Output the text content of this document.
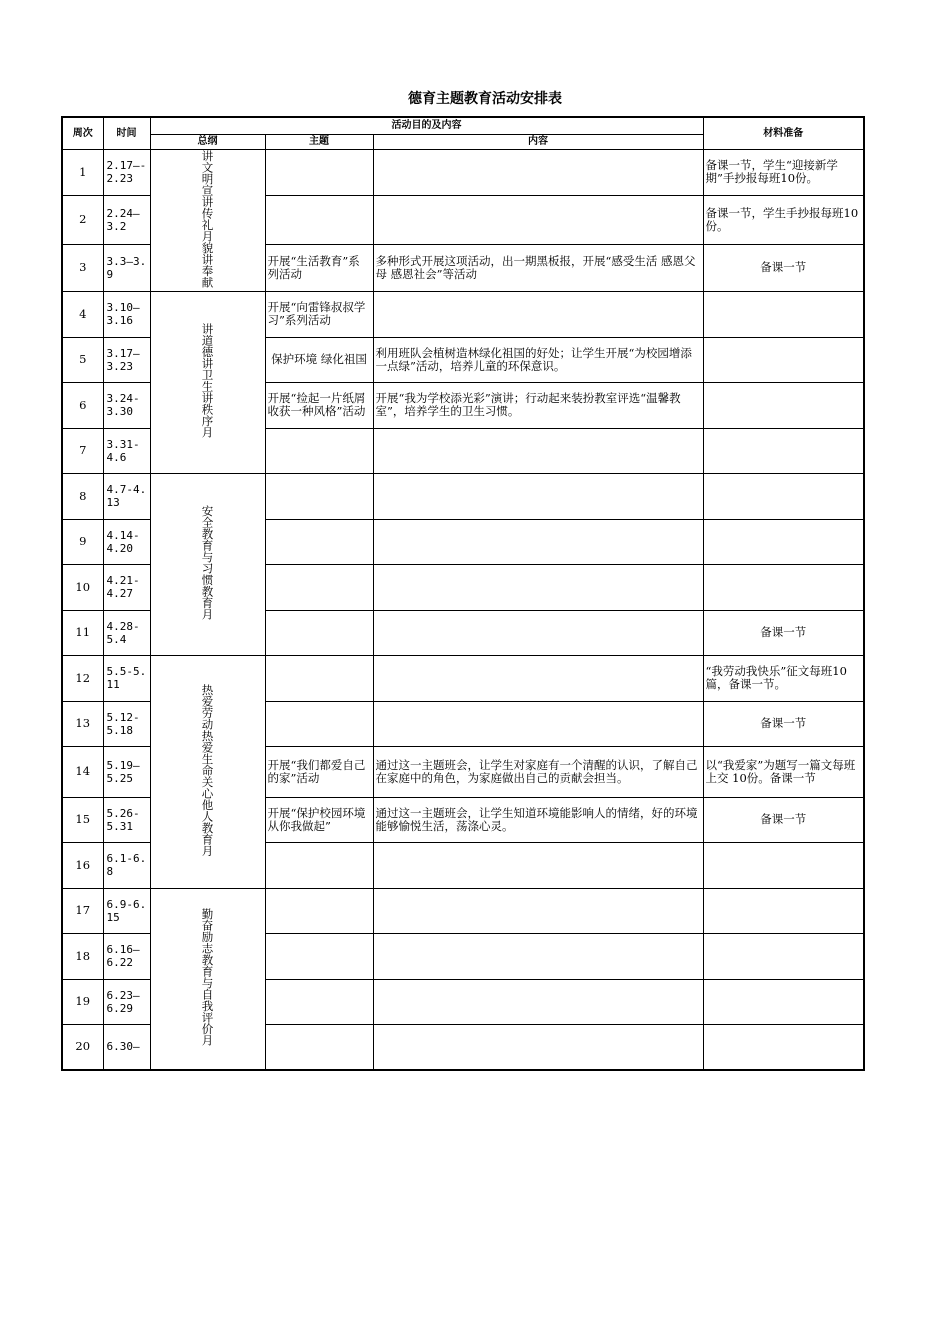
德育主题教育活动安排表
周次	时间	活动目的及内容			材料准备
		总纲	主题	内容	
1	2.17—-2.23	讲文明宣讲传礼月貌讲奉献			备课一节，学生“迎接新学期”手抄报每班10份。
2	2.24—3.2				备课一节，学生手抄报每班10份。
3	3.3—3.9		开展“生活教育”系列活动	多种形式开展这项活动，出一期黑板报，开展“感受生活 感恩父母 感恩社会”等活动	备课一节
4	3.10—3.16	讲道德讲卫生讲秩序月	开展“向雷锋叔叔学习”系列活动		
5	3.17—3.23		保护环境 绿化祖国	利用班队会植树造林绿化祖国的好处；让学生开展“为校园增添一点绿”活动，培养儿童的环保意识。	
6	3.24-3.30		开展“捡起一片纸屑 收获一种风格”活动	开展“我为学校添光彩”演讲；行动起来装扮教室评选“温馨教室”，培养学生的卫生习惯。	
7	3.31-4.6				
8	4.7-4.13	安全教育与习惯教育月			
9	4.14-4.20				
10	4.21-4.27				
11	4.28-5.4				备课一节
12	5.5-5.11	热爱劳动热爱生命关心他人教育月			“我劳动我快乐”征文每班10篇，备课一节。
13	5.12-5.18				备课一节
14	5.19—5.25		开展“我们都爱自己的家”活动	通过这一主题班会，让学生对家庭有一个清醒的认识，了解自己在家庭中的角色，为家庭做出自己的贡献会担当。	以“我爱家”为题写一篇文每班上交 10份。备课一节
15	5.26-5.31		开展“保护校园环境从你我做起”	通过这一主题班会，让学生知道环境能影响人的情绪，好的环境能够愉悦生活，荡涤心灵。	备课一节
16	6.1-6.8				
17	6.9-6.15	勤奋励志教育与自我评价月			
18	6.16—6.22				
19	6.23—6.29				
20	6.30—				
